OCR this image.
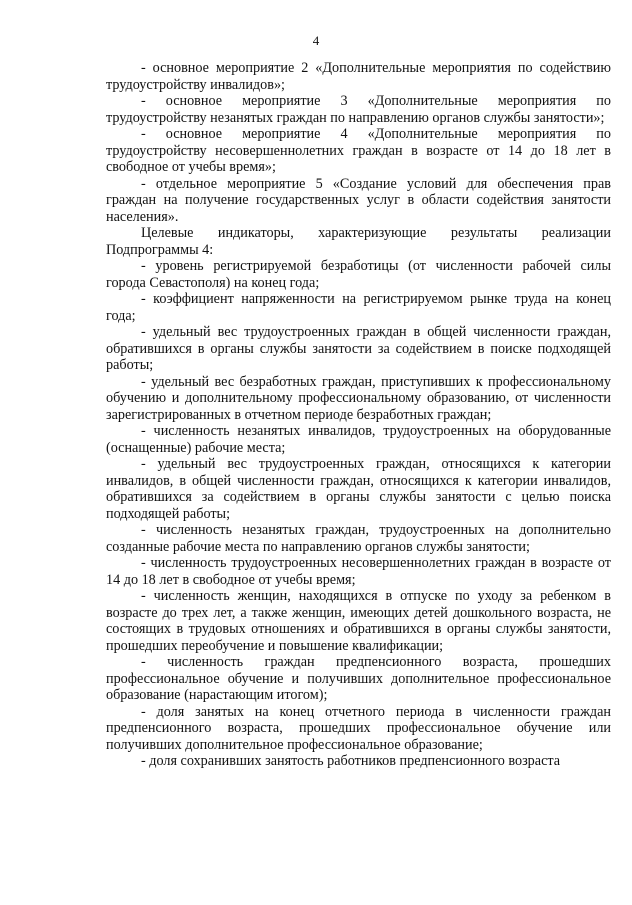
4

- основное мероприятие 2 «Дополнительные мероприятия по содействию трудоустройству инвалидов»;

- основное мероприятие 3 «Дополнительные мероприятия по трудоустройству незанятых граждан по направлению органов службы занятости»;

- основное мероприятие 4 «Дополнительные мероприятия по трудоустройству несовершеннолетних граждан в возрасте от 14 до 18 лет в свободное от учебы время»;

- отдельное мероприятие 5 «Создание условий для обеспечения прав граждан на получение государственных услуг в области содействия занятости населения».

Целевые индикаторы, характеризующие результаты реализации Подпрограммы 4:

- уровень регистрируемой безработицы (от численности рабочей силы города Севастополя) на конец года;

- коэффициент напряженности на регистрируемом рынке труда на конец года;

- удельный вес трудоустроенных граждан в общей численности граждан, обратившихся в органы службы занятости за содействием в поиске подходящей работы;

- удельный вес безработных граждан, приступивших к профессиональному обучению и дополнительному профессиональному образованию, от численности зарегистрированных в отчетном периоде безработных граждан;

- численность незанятых инвалидов, трудоустроенных на оборудованные (оснащенные) рабочие места;

- удельный вес трудоустроенных граждан, относящихся к категории инвалидов, в общей численности граждан, относящихся к категории инвалидов, обратившихся за содействием в органы службы занятости с целью поиска подходящей работы;

- численность незанятых граждан, трудоустроенных на дополнительно созданные рабочие места по направлению органов службы занятости;

- численность трудоустроенных несовершеннолетних граждан в возрасте от 14 до 18 лет в свободное от учебы время;

- численность женщин, находящихся в отпуске по уходу за ребенком в возрасте до трех лет, а также женщин, имеющих детей дошкольного возраста, не состоящих в трудовых отношениях и обратившихся в органы службы занятости, прошедших переобучение и повышение квалификации;

- численность граждан предпенсионного возраста, прошедших профессиональное обучение и получивших дополнительное профессиональное образование (нарастающим итогом);

- доля занятых на конец отчетного периода в численности граждан предпенсионного возраста, прошедших профессиональное обучение или получивших дополнительное профессиональное образование;

- доля сохранивших занятость работников предпенсионного возраста
